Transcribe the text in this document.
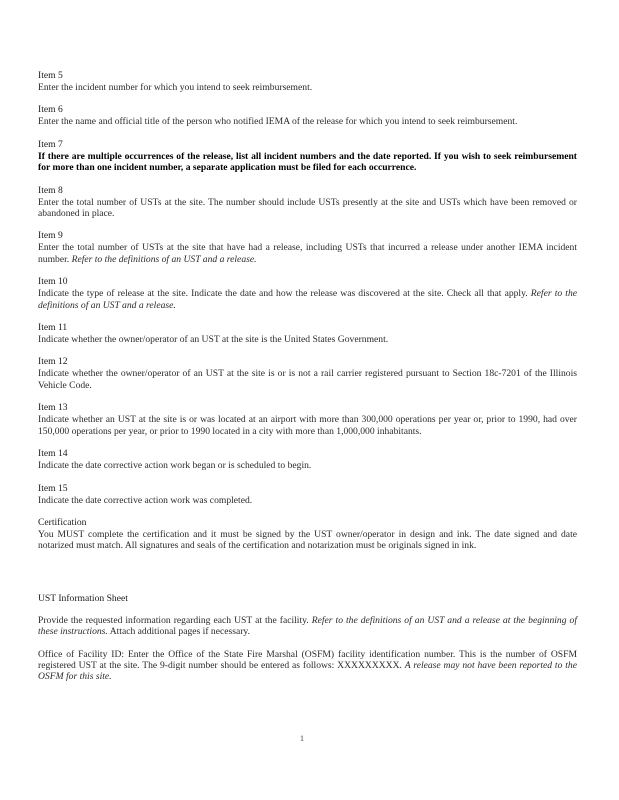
Item 5

Enter the incident number for which you intend to seek reimbursement.

Item 6

Enter the name and official title of the person who notified IEMA of the release for which you intend to seek reimbursement.

Item 7

If there are multiple occurrences of the release, list all incident numbers and the date reported. If you wish to seek reimbursement for more than one incident number, a separate application must be filed for each occurrence.

Item 8

Enter the total number of USTs at the site. The number should include USTs presently at the site and USTs which have been removed or abandoned in place.

Item 9

Enter the total number of USTs at the site that have had a release, including USTs that incurred a release under another IEMA incident number. Refer to the definitions of an UST and a release.

Item 10

Indicate the type of release at the site. Indicate the date and how the release was discovered at the site. Check all that apply. Refer to the definitions of an UST and a release.

Item 11

Indicate whether the owner/operator of an UST at the site is the United States Government.

Item 12

Indicate whether the owner/operator of an UST at the site is or is not a rail carrier registered pursuant to Section 18c-7201 of the Illinois Vehicle Code.

Item 13

Indicate whether an UST at the site is or was located at an airport with more than 300,000 operations per year or, prior to 1990, had over 150,000 operations per year, or prior to 1990 located in a city with more than 1,000,000 inhabitants.

Item 14

Indicate the date corrective action work began or is scheduled to begin.

Item 15

Indicate the date corrective action work was completed.

Certification

You MUST complete the certification and it must be signed by the UST owner/operator in design and ink. The date signed and date notarized must match. All signatures and seals of the certification and notarization must be originals signed in ink.

UST Information Sheet

Provide the requested information regarding each UST at the facility. Refer to the definitions of an UST and a release at the beginning of these instructions. Attach additional pages if necessary.

Office of Facility ID: Enter the Office of the State Fire Marshal (OSFM) facility identification number. This is the number of OSFM registered UST at the site. The 9-digit number should be entered as follows: XXXXXXXXX. A release may not have been reported to the OSFM for this site.

1
